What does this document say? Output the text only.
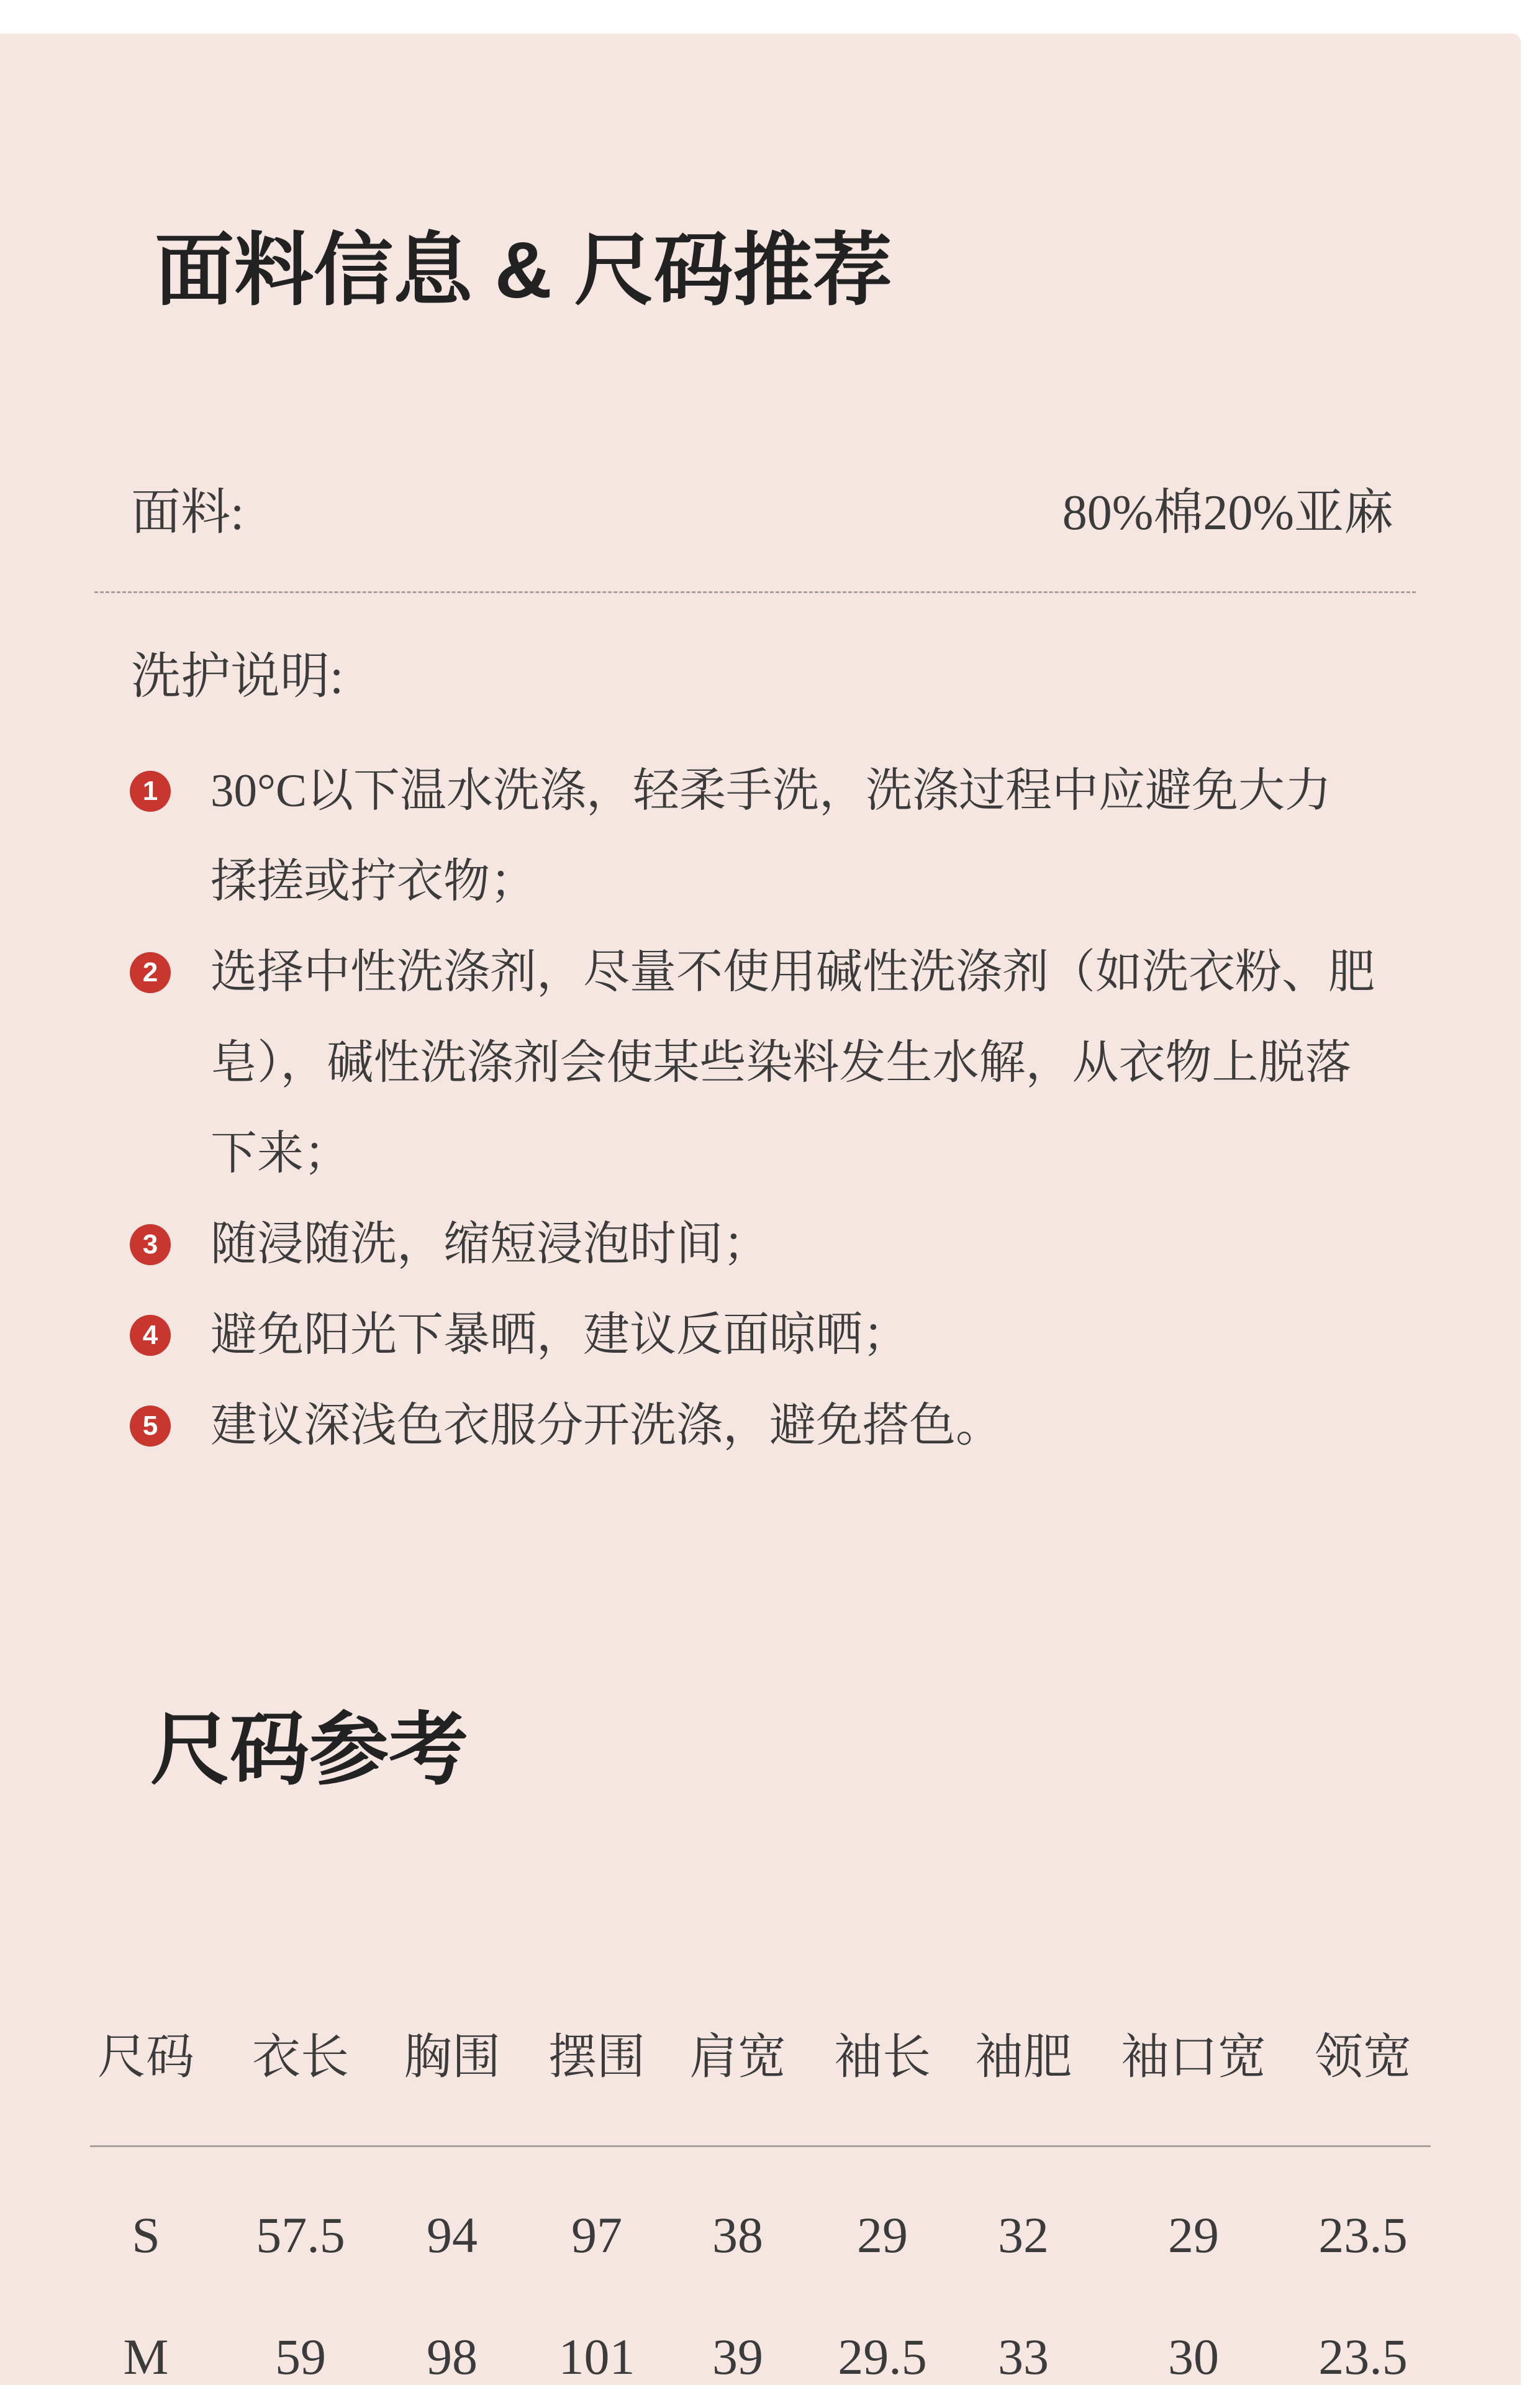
面料信息 & 尺码推荐
面料:	80%棉20%亚麻
洗护说明:
1 30°C以下温水洗涤，轻柔手洗，洗涤过程中应避免大力
揉搓或拧衣物；
2 选择中性洗涤剂，尽量不使用碱性洗涤剂（如洗衣粉、肥
皂），碱性洗涤剂会使某些染料发生水解，从衣物上脱落
下来；
3 随浸随洗，缩短浸泡时间；
4 避免阳光下暴晒，建议反面晾晒；
5 建议深浅色衣服分开洗涤，避免搭色。
尺码参考
尺码	衣长	胸围 摆围 肩宽 袖长 袖肥	袖口宽 领宽
S	57.5	94	97	38	29	32	29	23.5
M	59	98	101	39	29.5	33	30	23.5
